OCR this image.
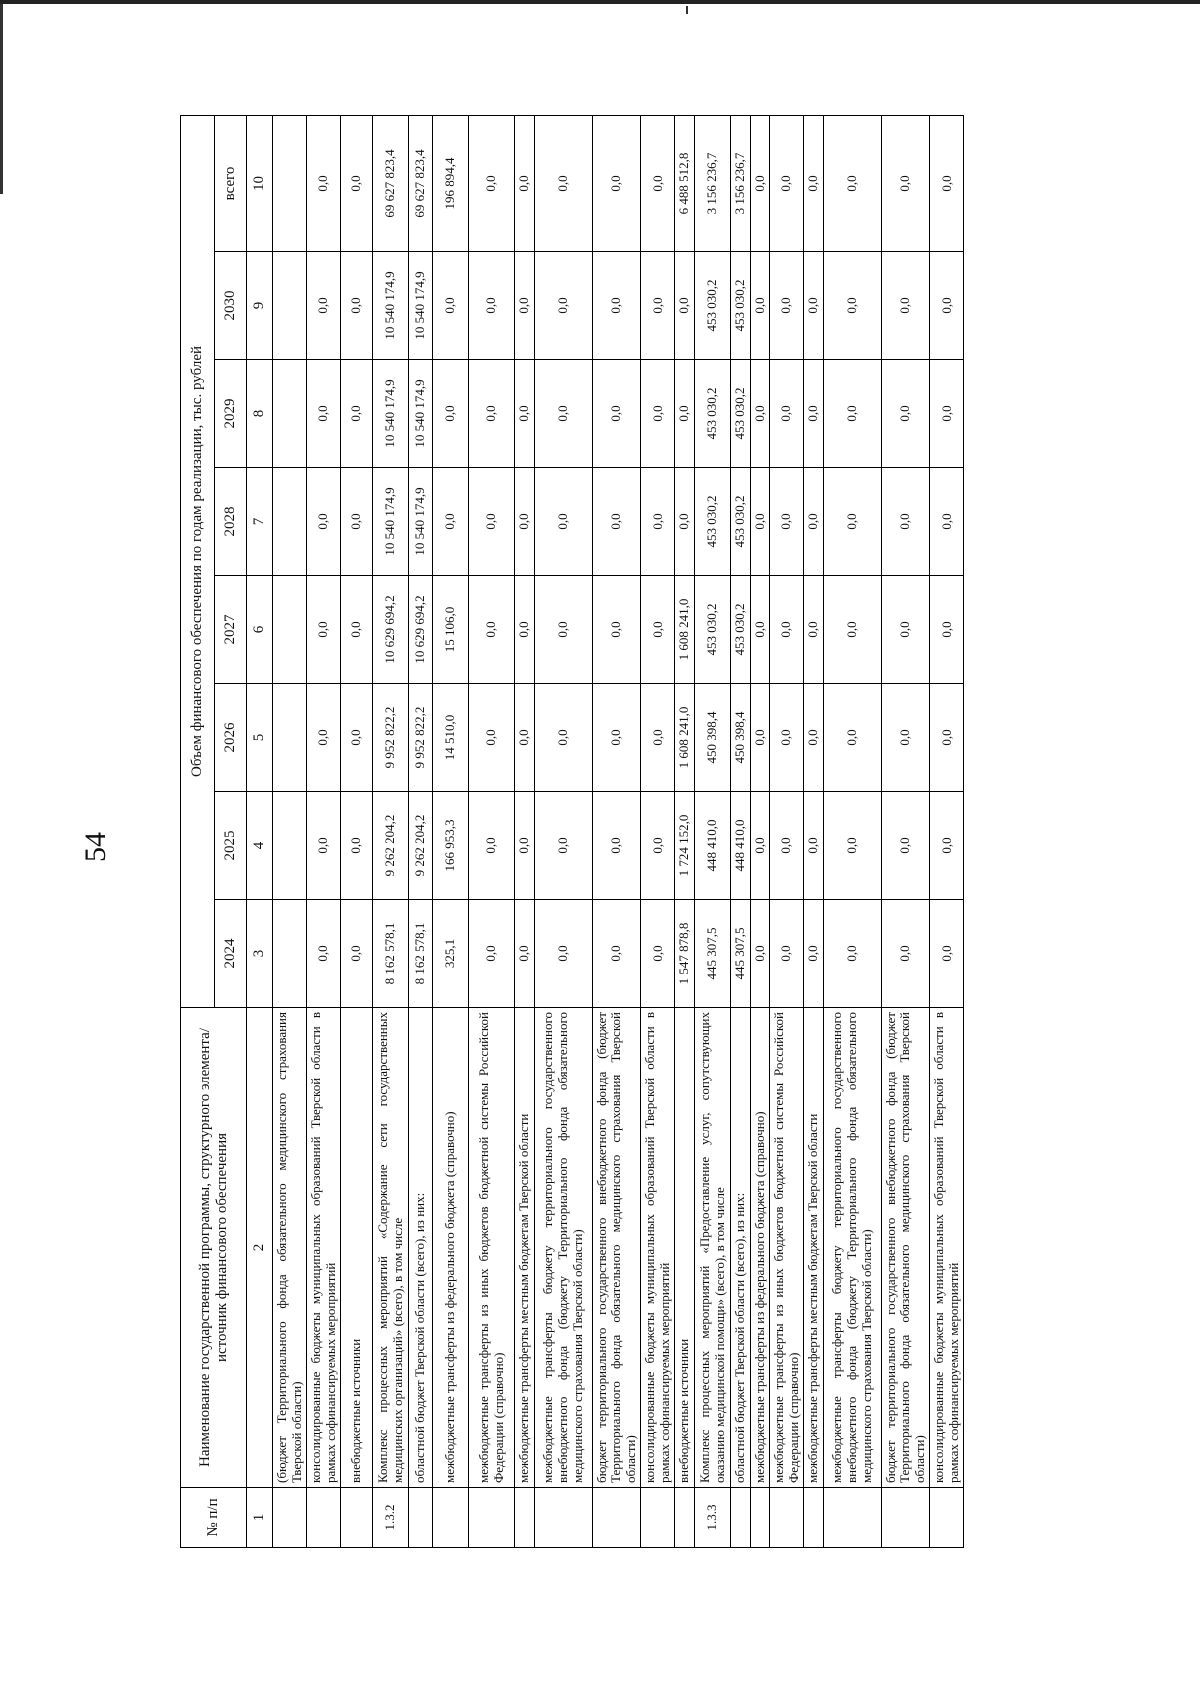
54
№ п/п	Наименование государственной программы, структурного элемента/источник финансового обеспечения	Объем финансового обеспечения по годам реализации, тыс. рублей							
		2024	2025	2026	2027	2028	2029	2030	всего
1	2	3	4	5	6	7	8	9	10
	(бюджет Территориального фонда обязательного медицинского страхования Тверской области)								
	консолидированные бюджеты муниципальных образований Тверской области в рамках софинансируемых мероприятий	0,0	0,0	0,0	0,0	0,0	0,0	0,0	0,0
	внебюджетные источники	0,0	0,0	0,0	0,0	0,0	0,0	0,0	0,0
1.3.2	Комплекс процессных мероприятий «Содержание сети государственных медицинских организаций» (всего), в том числе	8 162 578,1	9 262 204,2	9 952 822,2	10 629 694,2	10 540 174,9	10 540 174,9	10 540 174,9	69 627 823,4
	областной бюджет Тверской области (всего), из них:	8 162 578,1	9 262 204,2	9 952 822,2	10 629 694,2	10 540 174,9	10 540 174,9	10 540 174,9	69 627 823,4
	межбюджетные трансферты из федерального бюджета (справочно)	325,1	166 953,3	14 510,0	15 106,0	0,0	0,0	0,0	196 894,4
	межбюджетные трансферты из иных бюджетов бюджетной системы Российской Федерации (справочно)	0,0	0,0	0,0	0,0	0,0	0,0	0,0	0,0
	межбюджетные трансферты местным бюджетам Тверской области	0,0	0,0	0,0	0,0	0,0	0,0	0,0	0,0
	межбюджетные трансферты бюджету территориального государственного внебюджетного фонда (бюджету Территориального фонда обязательного медицинского страхования Тверской области)	0,0	0,0	0,0	0,0	0,0	0,0	0,0	0,0
	бюджет территориального государственного внебюджетного фонда (бюджет Территориального фонда обязательного медицинского страхования Тверской области)	0,0	0,0	0,0	0,0	0,0	0,0	0,0	0,0
	консолидированные бюджеты муниципальных образований Тверской области в рамках софинансируемых мероприятий	0,0	0,0	0,0	0,0	0,0	0,0	0,0	0,0
	внебюджетные источники	1 547 878,8	1 724 152,0	1 608 241,0	1 608 241,0	0,0	0,0	0,0	6 488 512,8
1.3.3	Комплекс процессных мероприятий «Предоставление услуг, сопутствующих оказанию медицинской помощи» (всего), в том числе	445 307,5	448 410,0	450 398,4	453 030,2	453 030,2	453 030,2	453 030,2	3 156 236,7
	областной бюджет Тверской области (всего), из них:	445 307,5	448 410,0	450 398,4	453 030,2	453 030,2	453 030,2	453 030,2	3 156 236,7
	межбюджетные трансферты из федерального бюджета (справочно)	0,0	0,0	0,0	0,0	0,0	0,0	0,0	0,0
	межбюджетные трансферты из иных бюджетов бюджетной системы Российской Федерации (справочно)	0,0	0,0	0,0	0,0	0,0	0,0	0,0	0,0
	межбюджетные трансферты местным бюджетам Тверской области	0,0	0,0	0,0	0,0	0,0	0,0	0,0	0,0
	межбюджетные трансферты бюджету территориального государственного внебюджетного фонда (бюджету Территориального фонда обязательного медицинского страхования Тверской области)	0,0	0,0	0,0	0,0	0,0	0,0	0,0	0,0
	бюджет территориального государственного внебюджетного фонда (бюджет Территориального фонда обязательного медицинского страхования Тверской области)	0,0	0,0	0,0	0,0	0,0	0,0	0,0	0,0
	консолидированные бюджеты муниципальных образований Тверской области в рамках софинансируемых мероприятий	0,0	0,0	0,0	0,0	0,0	0,0	0,0	0,0
